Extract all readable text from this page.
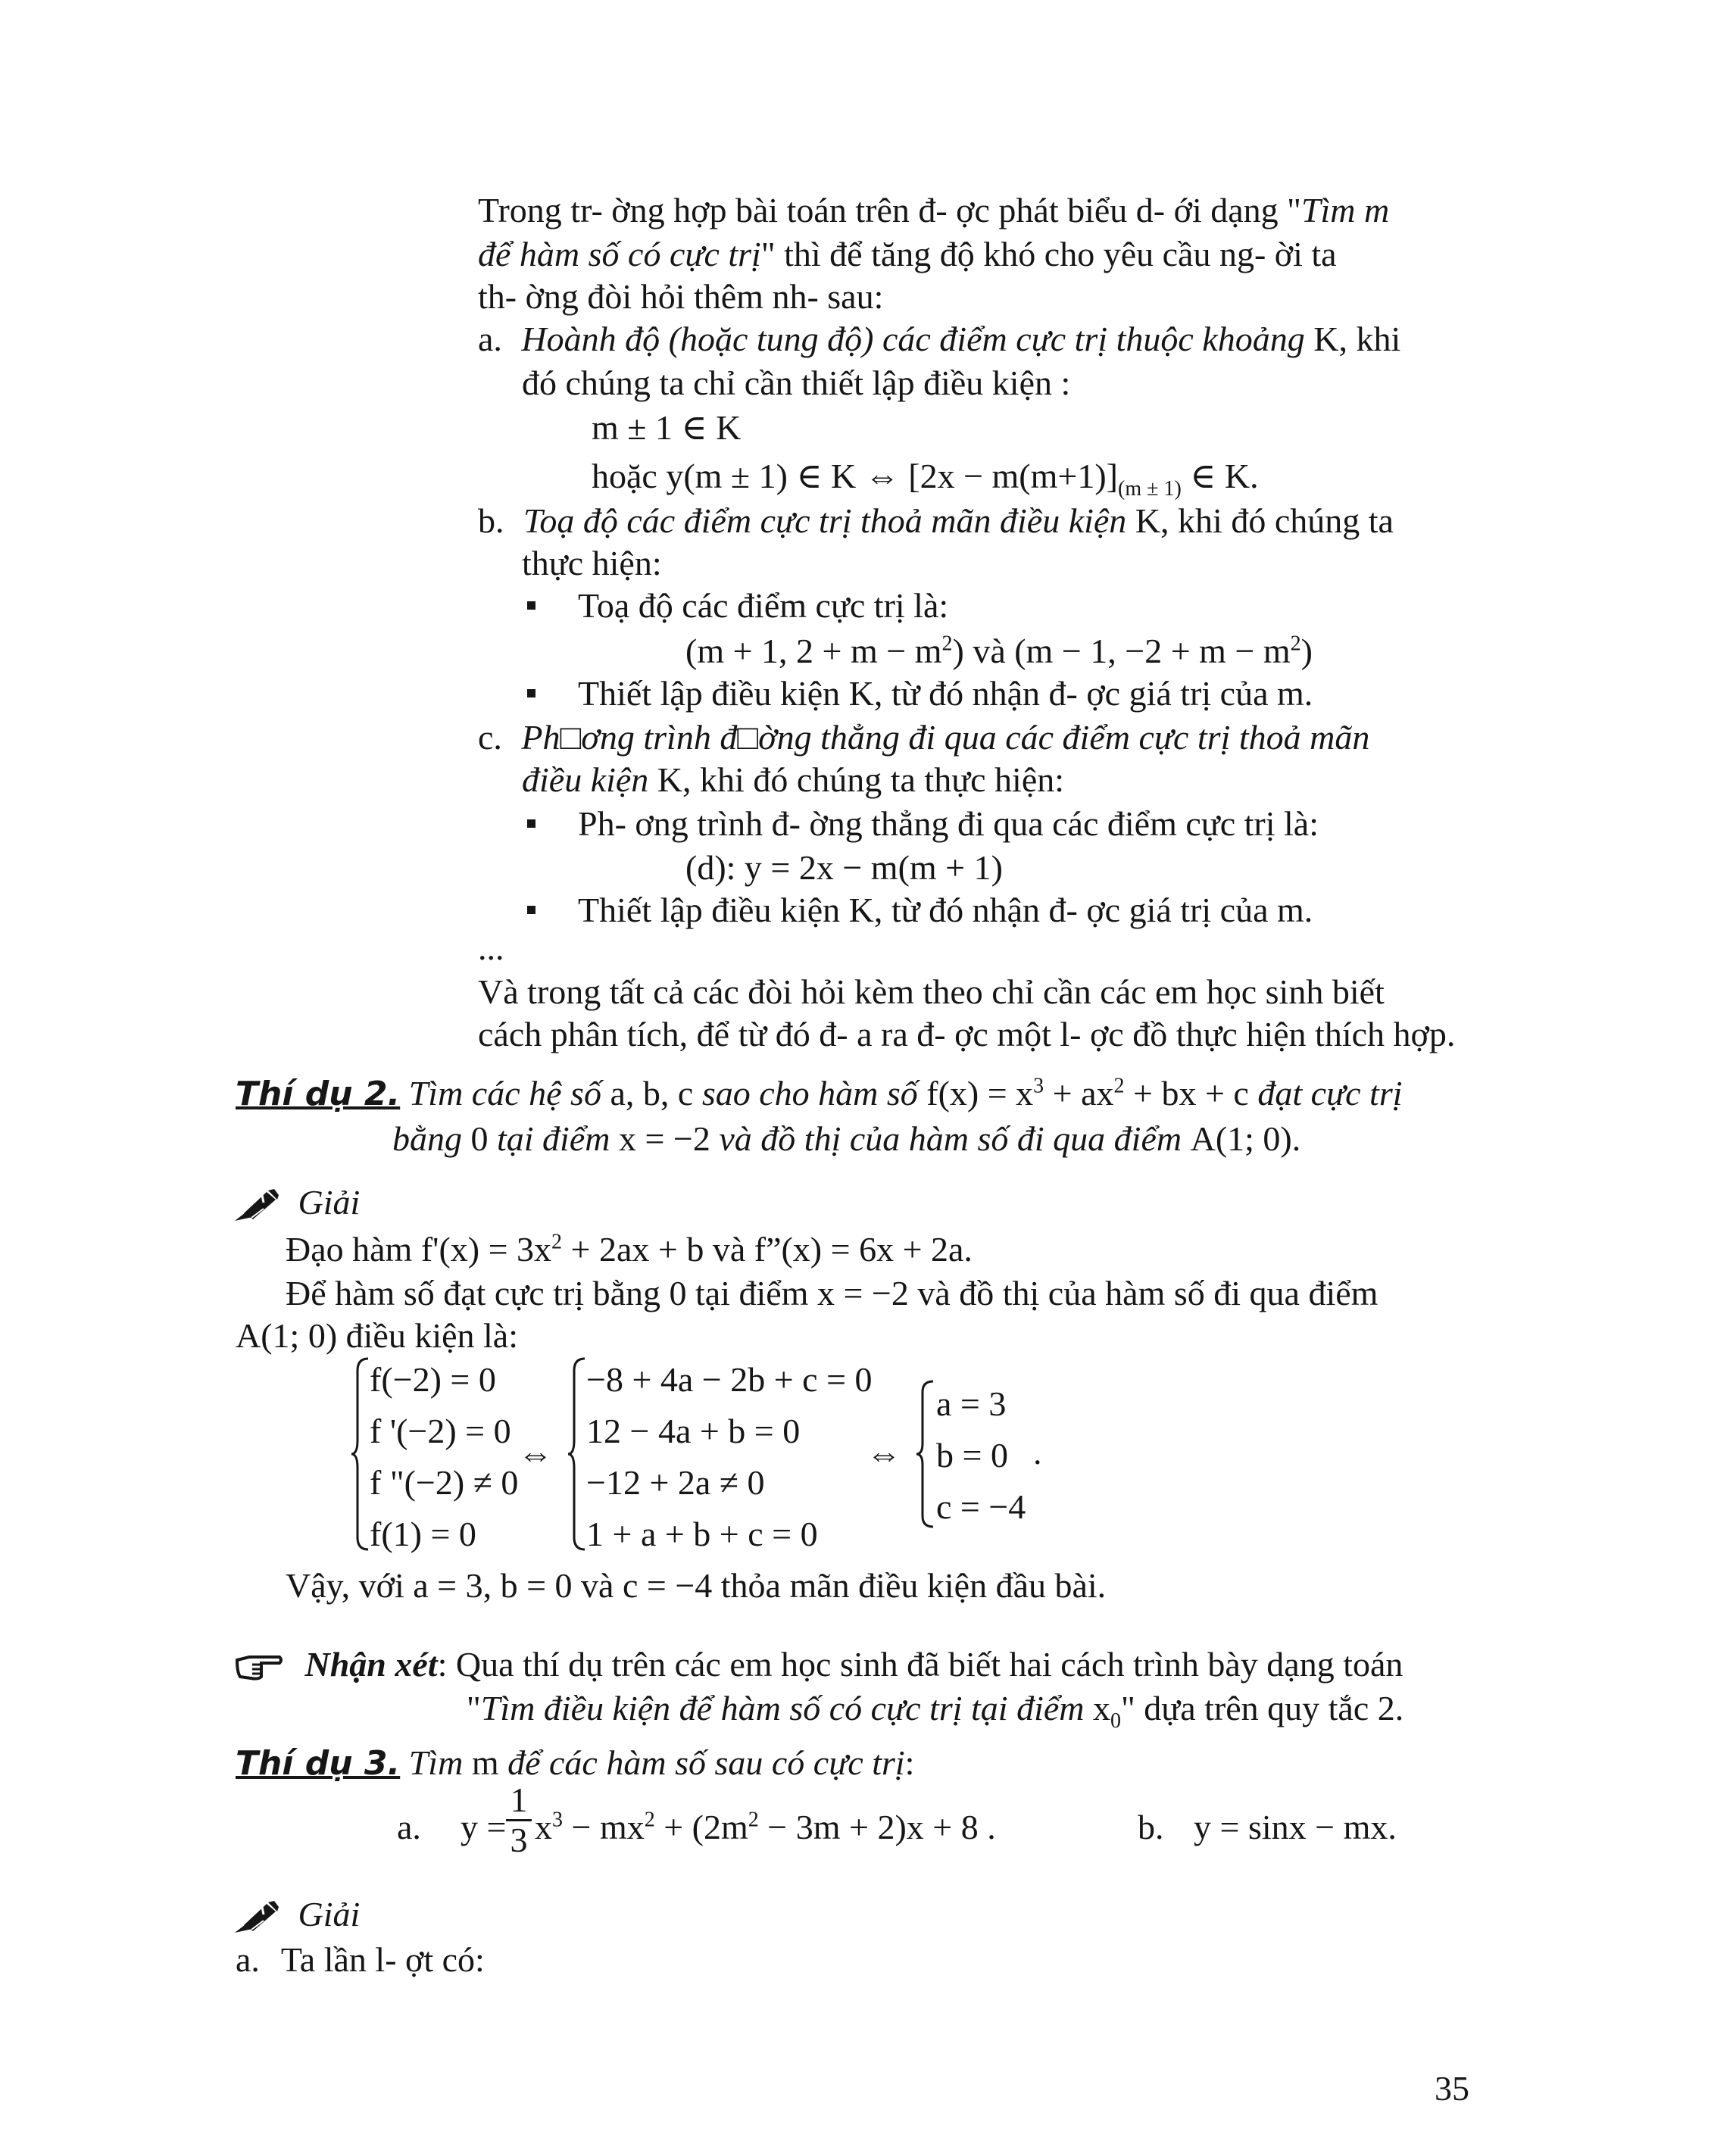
Trong tr- ờng hợp bài toán trên đ- ợc phát biểu d- ới dạng "Tìm m
để hàm số có cực trị" thì để tăng độ khó cho yêu cầu ng- ời ta
th- ờng đòi hỏi thêm nh- sau:
a. Hoành độ (hoặc tung độ) các điểm cực trị thuộc khoảng K, khi
đó chúng ta chỉ cần thiết lập điều kiện :
m ± 1 ∈ K
hoặc y(m ± 1) ∈ K ⇔ $[2x - m(m+1)]_{(m \pm 1)}$ ∈ K.
b. Toạ độ các điểm cực trị thoả mãn điều kiện K, khi đó chúng ta
thực hiện:
Toạ độ các điểm cực trị là:
(m + 1, $2 + m - m^2$) và (m − 1, $-2 + m - m^2$)
Thiết lập điều kiện K, từ đó nhận đ- ợc giá trị của m.
c. Ph□ơng trình đ□ờng thẳng đi qua các điểm cực trị thoả mãn
điều kiện K, khi đó chúng ta thực hiện:
Ph- ơng trình đ- ờng thẳng đi qua các điểm cực trị là:
(d): y = 2x − m(m + 1)
Thiết lập điều kiện K, từ đó nhận đ- ợc giá trị của m.
...
Và trong tất cả các đòi hỏi kèm theo chỉ cần các em học sinh biết
cách phân tích, để từ đó đ- a ra đ- ợc một l- ợc đồ thực hiện thích hợp.
Thí dụ 2. Tìm các hệ số a, b, c sao cho hàm số $f(x) = x^3 + ax^2$ + bx + c đạt cực trị
bằng 0 tại điểm x = −2 và đồ thị của hàm số đi qua điểm A(1; 0).
Giải
Đạo hàm $f'(x) = 3x^2 + 2ax + b$ và f”(x) = 6x + 2a.
Để hàm số đạt cực trị bằng 0 tại điểm x = −2 và đồ thị của hàm số đi qua điểm
A(1; 0) điều kiện là:
f(−2) = 0
f '(−2) = 0
f "(−2) ≠ 0
f(1) = 0
⇔
−8 + 4a − 2b + c = 0
12 − 4a + b = 0
−12 + 2a ≠ 0
1 + a + b + c = 0
⇔
a = 3
b = 0
c = −4
.
Vậy, với a = 3, b = 0 và c = −4 thỏa mãn điều kiện đầu bài.
Nhận xét: Qua thí dụ trên các em học sinh đã biết hai cách trình bày dạng toán
"Tìm điều kiện để hàm số có cực trị tại điểm $x_0$" dựa trên quy tắc 2.
Thí dụ 3. Tìm m để các hàm số sau có cực trị:
a. y =
1
3 $x^3 - mx^2 + (2m^2 - 3m + 2)x + 8$ .	b. y = sinx − mx.
Giải
a. Ta lần l- ợt có:
35
